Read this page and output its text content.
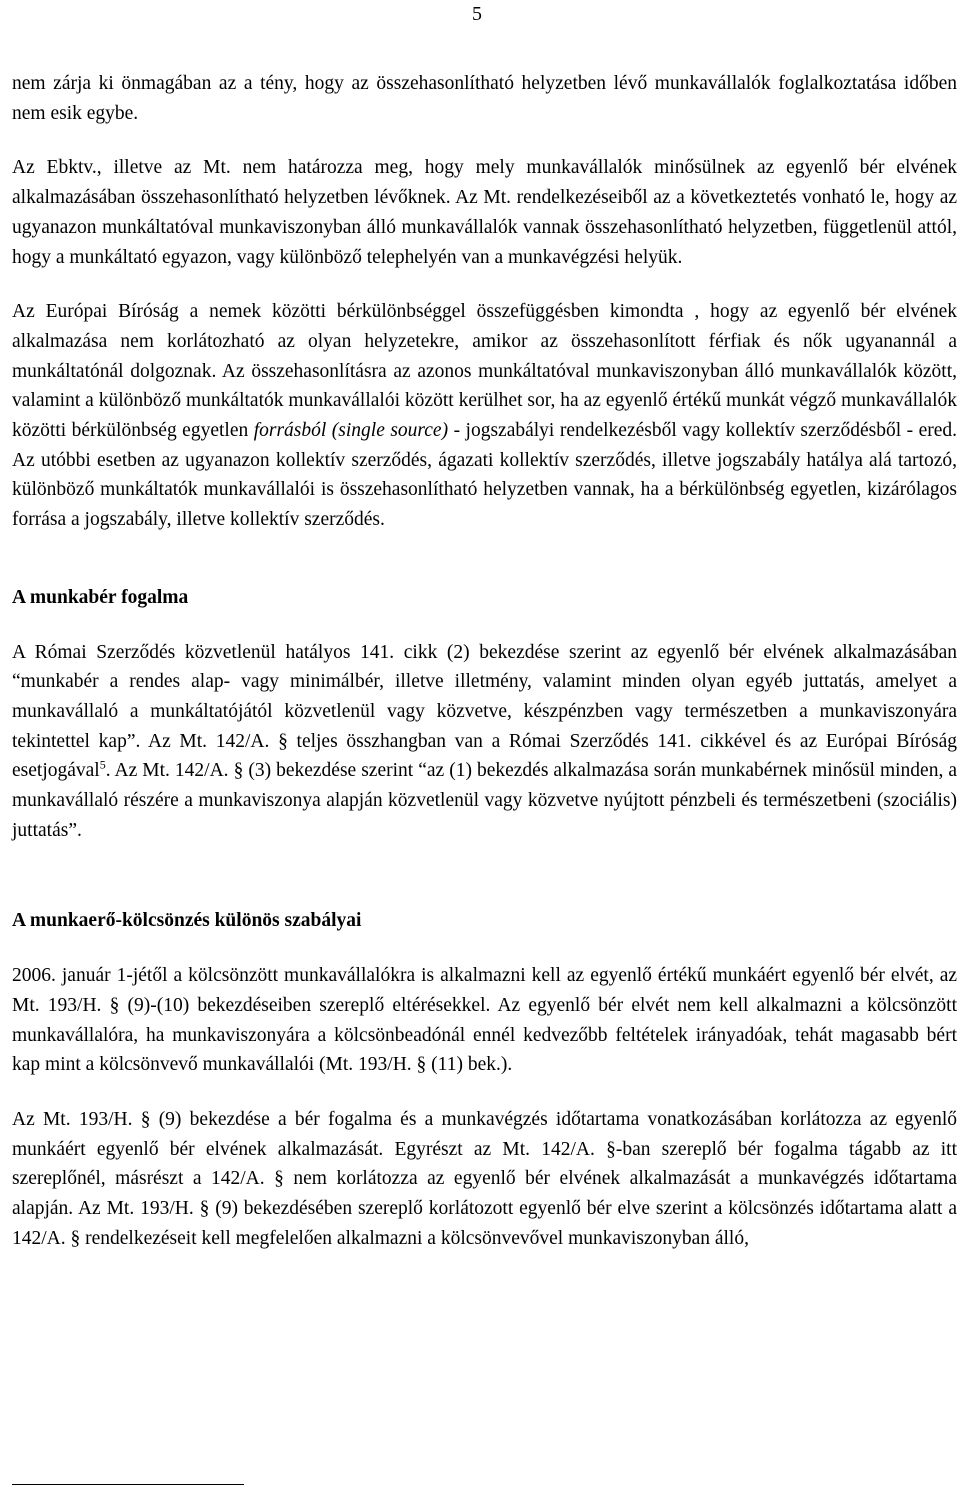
5

nem zárja ki önmagában az a tény, hogy az összehasonlítható helyzetben lévő munkavállalók foglalkoztatása időben nem esik egybe.

Az Ebktv., illetve az Mt. nem határozza meg, hogy mely munkavállalók minősülnek az egyenlő bér elvének alkalmazásában összehasonlítható helyzetben lévőknek. Az Mt. rendelkezéseiből az a következtetés vonható le, hogy az ugyanazon munkáltatóval munkaviszonyban álló munkavállalók vannak összehasonlítható helyzetben, függetlenül attól, hogy a munkáltató egyazon, vagy különböző telephelyén van a munkavégzési helyük.

Az Európai Bíróság a nemek közötti bérkülönbséggel összefüggésben kimondta , hogy az egyenlő bér elvének alkalmazása nem korlátozható az olyan helyzetekre, amikor az összehasonlított férfiak és nők ugyanannál a munkáltatónál dolgoznak. Az összehasonlításra az azonos munkáltatóval munkaviszonyban álló munkavállalók között, valamint a különböző munkáltatók munkavállalói között kerülhet sor, ha az egyenlő értékű munkát végző munkavállalók közötti bérkülönbség egyetlen forrásból (single source) - jogszabályi rendelkezésből vagy kollektív szerződésből - ered. Az utóbbi esetben az ugyanazon kollektív szerződés, ágazati kollektív szerződés, illetve jogszabály hatálya alá tartozó, különböző munkáltatók munkavállalói is összehasonlítható helyzetben vannak, ha a bérkülönbség egyetlen, kizárólagos forrása a jogszabály, illetve kollektív szerződés.

A munkabér fogalma

A Római Szerződés közvetlenül hatályos 141. cikk (2) bekezdése szerint az egyenlő bér elvének alkalmazásában “munkabér a rendes alap- vagy minimálbér, illetve illetmény, valamint minden olyan egyéb juttatás, amelyet a munkavállaló a munkáltatójától közvetlenül vagy közvetve, készpénzben vagy természetben a munkaviszonyára tekintettel kap”. Az Mt. 142/A. § teljes összhangban van a Római Szerződés 141. cikkével és az Európai Bíróság esetjogával$^5$. Az Mt. 142/A. § (3) bekezdése szerint “az (1) bekezdés alkalmazása során munkabérnek minősül minden, a munkavállaló részére a munkaviszonya alapján közvetlenül vagy közvetve nyújtott pénzbeli és természetbeni (szociális) juttatás”.

A munkaerő-kölcsönzés különös szabályai

2006. január 1-jétől a kölcsönzött munkavállalókra is alkalmazni kell az egyenlő értékű munkáért egyenlő bér elvét, az Mt. 193/H. § (9)-(10) bekezdéseiben szereplő eltérésekkel. Az egyenlő bér elvét nem kell alkalmazni a kölcsönzött munkavállalóra, ha munkaviszonyára a kölcsönbeadónál ennél kedvezőbb feltételek irányadóak, tehát magasabb bért kap mint a kölcsönvevő munkavállalói (Mt. 193/H. § (11) bek.).

Az Mt. 193/H. § (9) bekezdése a bér fogalma és a munkavégzés időtartama vonatkozásában korlátozza az egyenlő munkáért egyenlő bér elvének alkalmazását. Egyrészt az Mt. 142/A. §-ban szereplő bér fogalma tágabb az itt szereplőnél, másrészt a 142/A. § nem korlátozza az egyenlő bér elvének alkalmazását a munkavégzés időtartama alapján. Az Mt. 193/H. § (9) bekezdésében szereplő korlátozott egyenlő bér elve szerint a kölcsönzés időtartama alatt a 142/A. § rendelkezéseit kell megfelelően alkalmazni a kölcsönvevővel munkaviszonyban álló,
